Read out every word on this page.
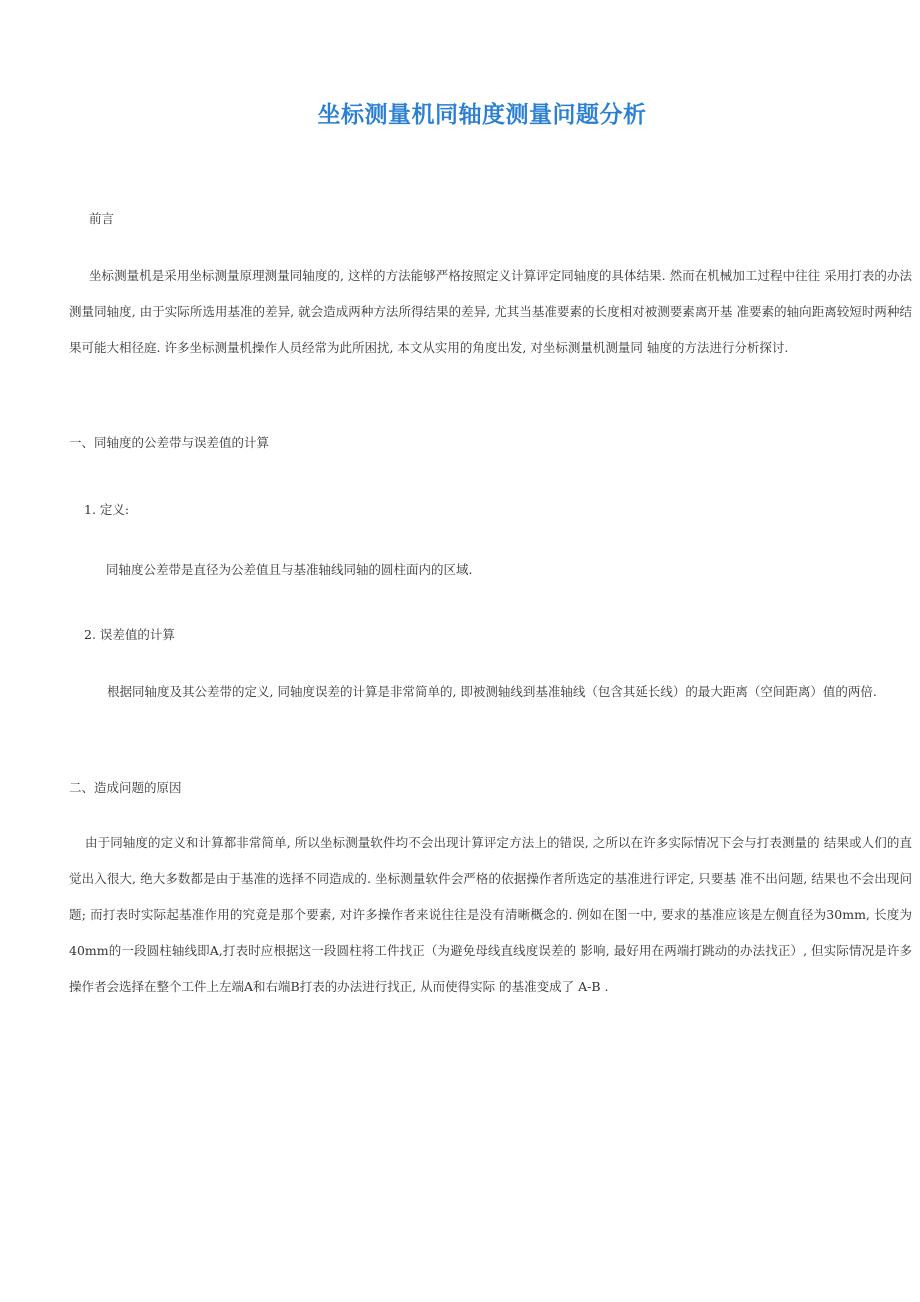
坐标测量机同轴度测量问题分析
前言
坐标测量机是采用坐标测量原理测量同轴度的, 这样的方法能够严格按照定义计算评定同轴度的具体结果. 然而在机械加工过程中往往 采用打表的办法测量同轴度, 由于实际所选用基准的差异, 就会造成两种方法所得结果的差异, 尤其当基准要素的长度相对被测要素离开基 准要素的轴向距离较短时两种结果可能大相径庭. 许多坐标测量机操作人员经常为此所困扰, 本文从实用的角度出发, 对坐标测量机测量同 轴度的方法进行分析探讨.
一、同轴度的公差带与误差值的计算
1. 定义:
同轴度公差带是直径为公差值且与基准轴线同轴的圆柱面内的区域.
2. 误差值的计算
根据同轴度及其公差带的定义, 同轴度误差的计算是非常简单的, 即被测轴线到基准轴线（包含其延长线）的最大距离（空间距离）值的两倍.
二、造成问题的原因
由于同轴度的定义和计算都非常简单, 所以坐标测量软件均不会出现计算评定方法上的错误, 之所以在许多实际情况下会与打表测量的 结果或人们的直觉出入很大, 绝大多数都是由于基准的选择不同造成的. 坐标测量软件会严格的依据操作者所选定的基准进行评定, 只要基 准不出问题, 结果也不会出现问题; 而打表时实际起基准作用的究竟是那个要素, 对许多操作者来说往往是没有清晰概念的. 例如在图一中, 要求的基准应该是左侧直径为30mm, 长度为40mm的一段圆柱轴线即A,打表时应根据这一段圆柱将工件找正（为避免母线直线度误差的 影响, 最好用在两端打跳动的办法找正）, 但实际情况是许多操作者会选择在整个工件上左端A和右端B打表的办法进行找正, 从而使得实际 的基准变成了 A-B .
